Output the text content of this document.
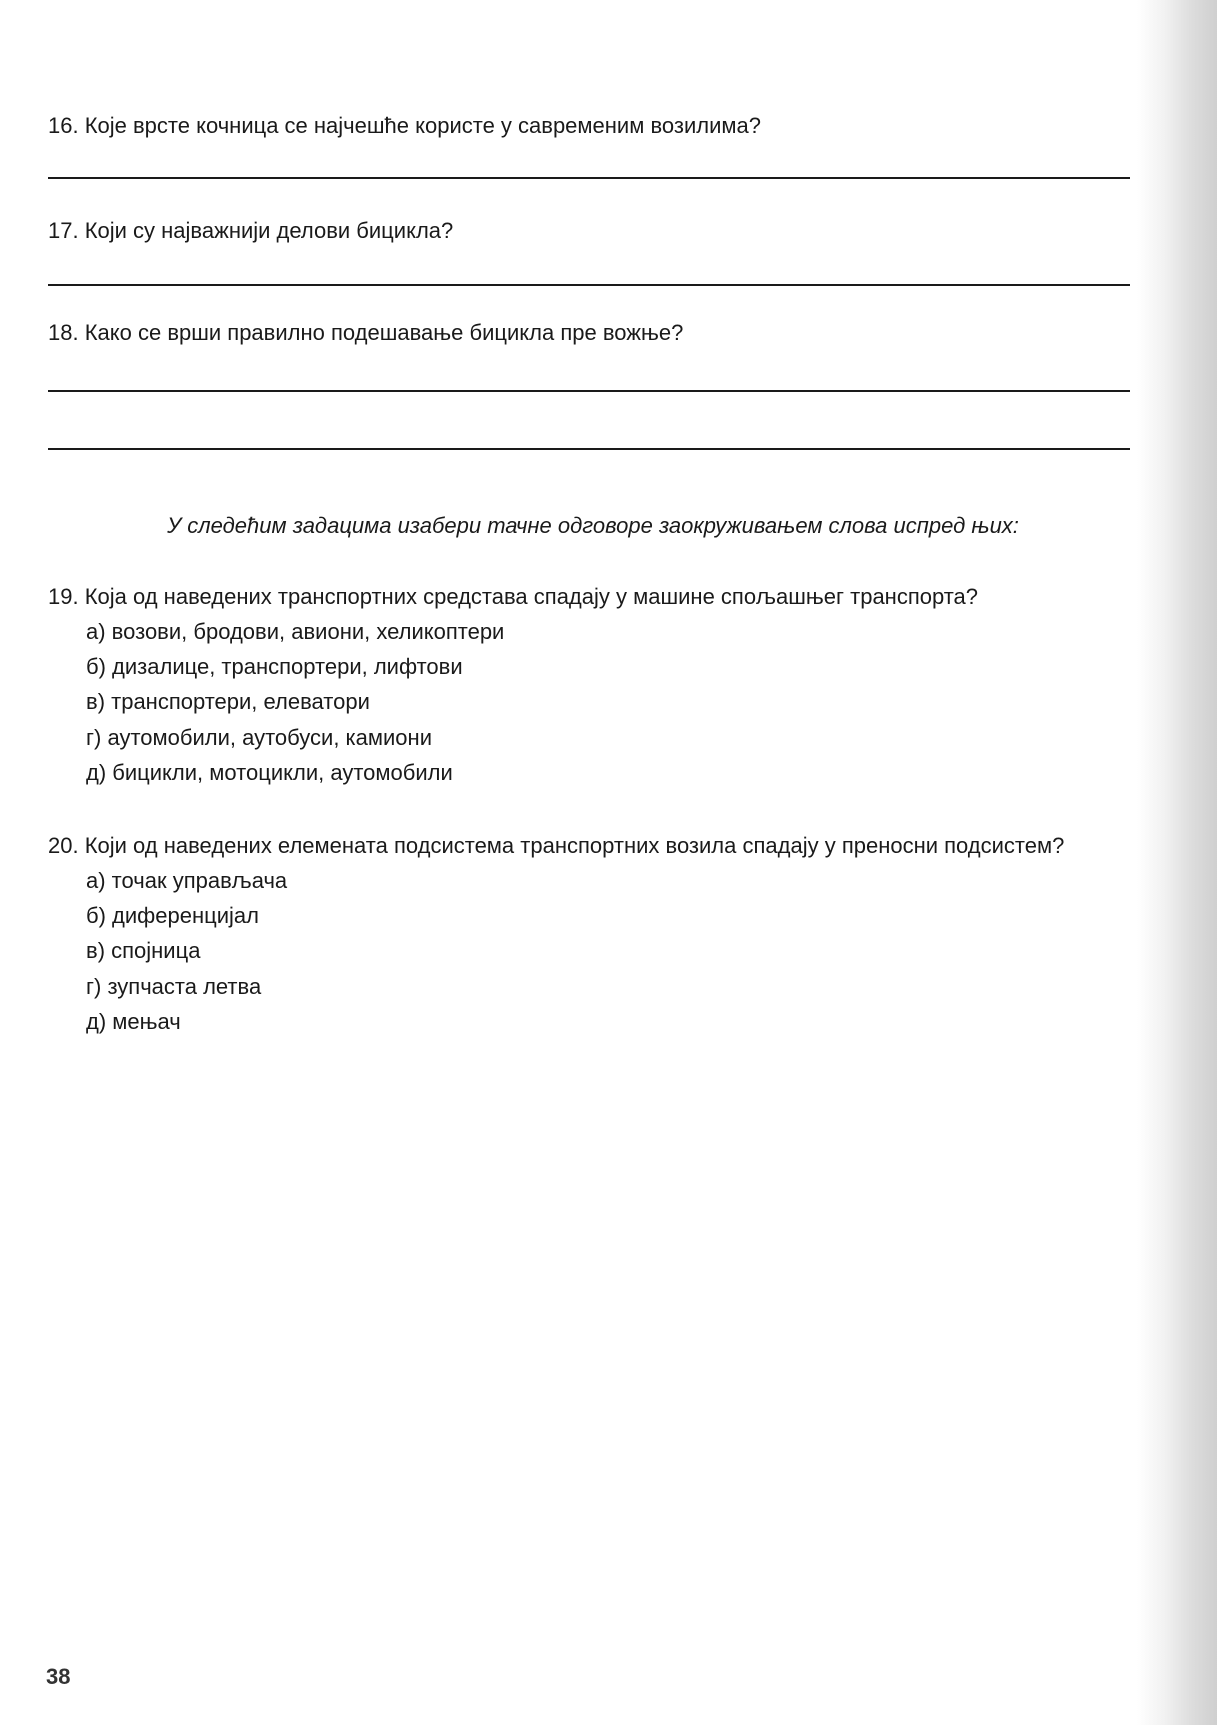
16. Које врсте кочница се најчешће користе у савременим возилима?
17. Који су најважнији делови бицикла?
18. Како се врши правилно подешавање бицикла пре вожње?
У следећим задацима изабери тачне одговоре заокруживањем слова испред њих:
19. Која од наведених транспортних средстава спадају у машине спољашњег транспорта?
а) возови, бродови, авиони, хеликоптери
б) дизалице, транспортери, лифтови
в) транспортери, елеватори
г) аутомобили, аутобуси, камиони
д) бицикли, мотоцикли, аутомобили
20. Који од наведених елемената подсистема транспортних возила спадају у преносни подсистем?
а) точак управљача
б) диференцијал
в) спојница
г) зупчаста летва
д) мењач
38
